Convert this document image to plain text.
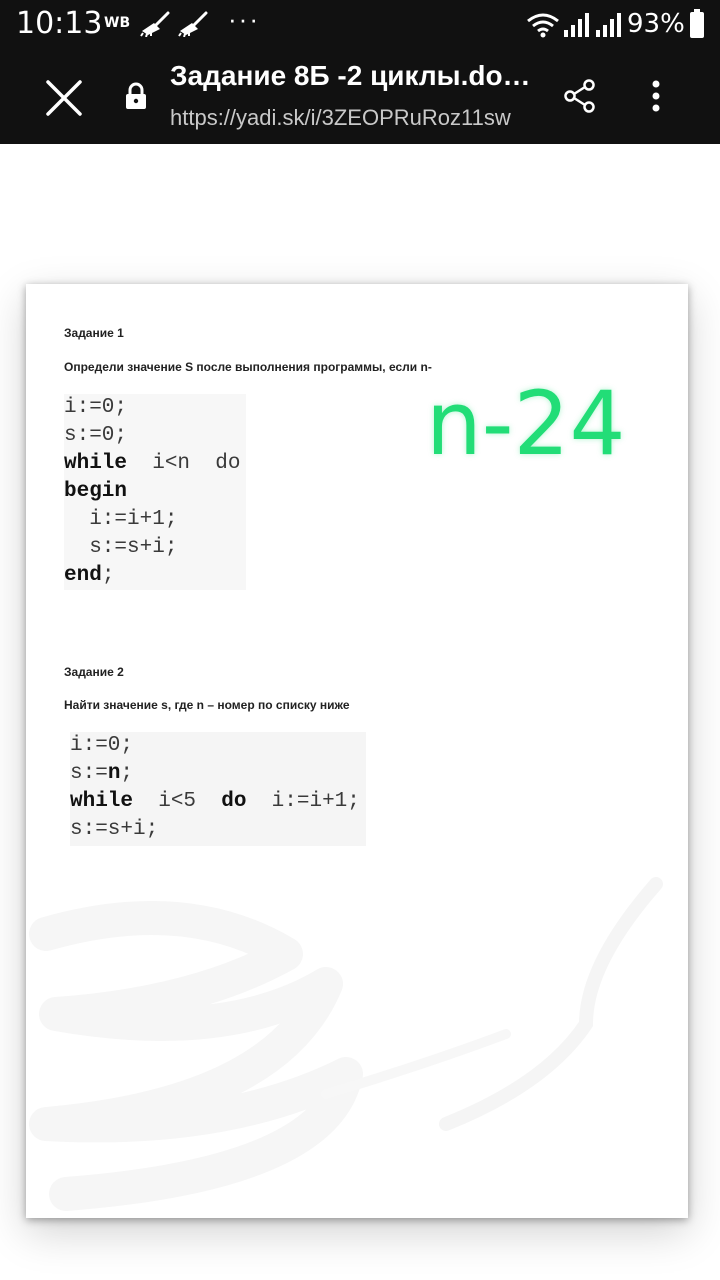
10:13 WB	···	93%
Задание 8Б -2 циклы.do…
https://yadi.sk/i/3ZEOPRuRoz11sw
Задание 1
Определи значение S после выполнения программы, если n-
i:=0;
s:=0;
while  i<n  do
begin
i:=i+1;
s:=s+i;
end;
n-24
Задание 2
Найти значение s, где n – номер по списку ниже
i:=0;
s:=n;
while  i<5  do  i:=i+1;
s:=s+i;
